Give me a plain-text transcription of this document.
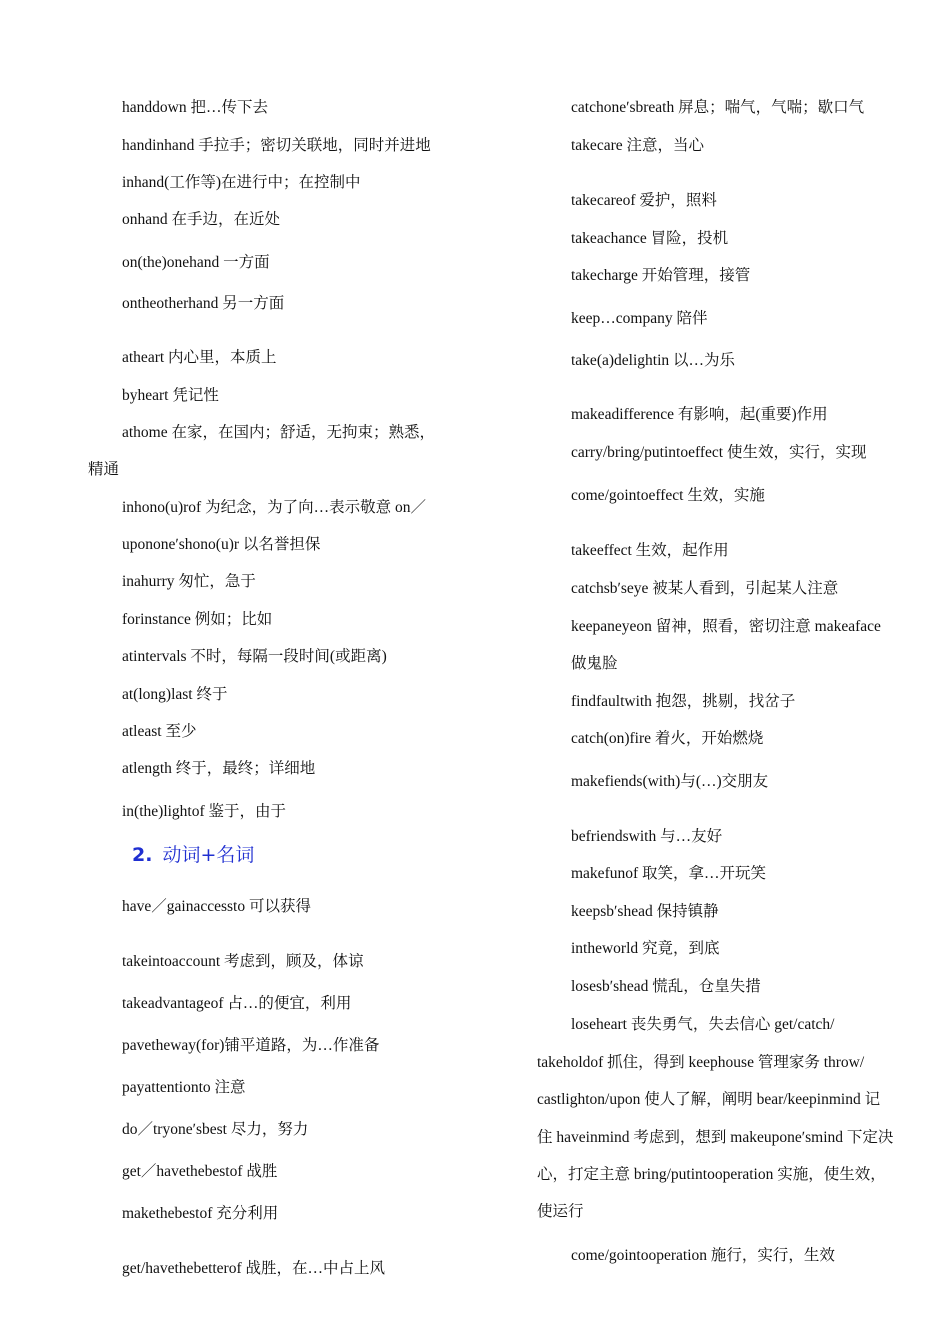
handdown 把…传下去

handinhand 手拉手；密切关联地，同时并进地

inhand(工作等)在进行中；在控制中

onhand 在手边，在近处

on(the)onehand 一方面

ontheotherhand 另一方面

atheart 内心里，本质上

byheart 凭记性

athome 在家，在国内；舒适，无拘束；熟悉，

精通

inhono(u)rof 为纪念，为了向…表示敬意 on／

upononeʹshono(u)r 以名誉担保

inahurry 匆忙，急于

forinstance 例如；比如

atintervals 不时，每隔一段时间(或距离)

at(long)last 终于

atleast 至少

atlength 终于，最终；详细地

in(the)lightof 鉴于，由于

2. 动词+名词

have／gainaccessto 可以获得

takeintoaccount 考虑到，顾及，体谅

takeadvantageof 占…的便宜，利用

pavetheway(for)铺平道路，为…作准备

payattentionto 注意

do／tryoneʹsbest 尽力，努力

get／havethebestof 战胜

makethebestof 充分利用

get/havethebetterof 战胜，在…中占上风

catchoneʹsbreath 屏息；喘气，气喘；歇口气

takecare 注意，当心

takecareof 爱护，照料

takeachance 冒险，投机

takecharge 开始管理，接管

keep…company 陪伴

take(a)delightin 以…为乐

makeadifference 有影响，起(重要)作用

carry/bring/putintoeffect 使生效，实行，实现

come/gointoeffect 生效，实施

takeeffect 生效，起作用

catchsbʹseye 被某人看到，引起某人注意

keepaneyeon 留神，照看，密切注意 makeaface

做鬼脸

findfaultwith 抱怨，挑剔，找岔子

catch(on)fire 着火，开始燃烧

makefiends(with)与(…)交朋友

befriendswith 与…友好

makefunof 取笑，拿…开玩笑

keepsbʹshead 保持镇静

intheworld 究竟，到底

losesbʹshead 慌乱，仓皇失措

loseheart 丧失勇气，失去信心 get/catch/

takeholdof 抓住，得到 keephouse 管理家务 throw/

castlighton/upon 使人了解，阐明 bear/keepinmind 记

住 haveinmind 考虑到，想到 makeuponeʹsmind 下定决

心，打定主意 bring/putintooperation 实施，使生效，

使运行

come/gointooperation 施行，实行，生效
